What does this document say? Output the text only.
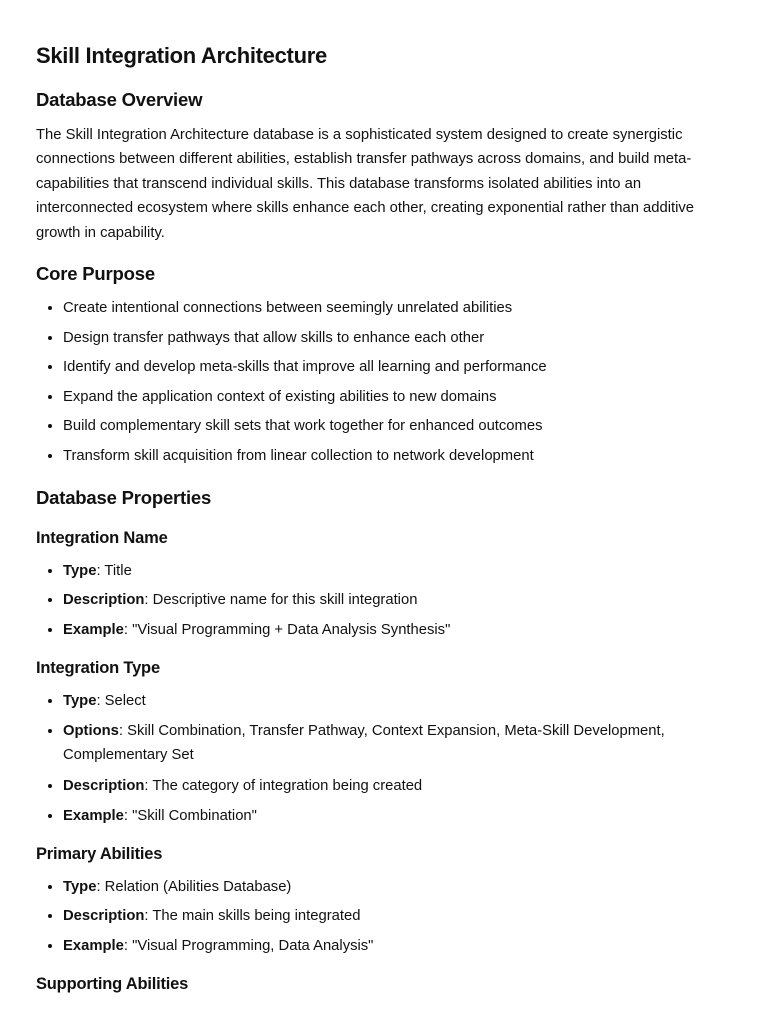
Skill Integration Architecture
Database Overview

The Skill Integration Architecture database is a sophisticated system designed to create synergistic connections between different abilities, establish transfer pathways across domains, and build meta-capabilities that transcend individual skills. This database transforms isolated abilities into an interconnected ecosystem where skills enhance each other, creating exponential rather than additive growth in capability.

Core Purpose
• Create intentional connections between seemingly unrelated abilities
• Design transfer pathways that allow skills to enhance each other
• Identify and develop meta-skills that improve all learning and performance
• Expand the application context of existing abilities to new domains
• Build complementary skill sets that work together for enhanced outcomes
• Transform skill acquisition from linear collection to network development
Database Properties
Integration Name
• Type: Title
• Description: Descriptive name for this skill integration
• Example: "Visual Programming + Data Analysis Synthesis"
Integration Type
• Type: Select
• Options: Skill Combination, Transfer Pathway, Context Expansion, Meta-Skill Development, Complementary Set
• Description: The category of integration being created
• Example: "Skill Combination"
Primary Abilities
• Type: Relation (Abilities Database)
• Description: The main skills being integrated
• Example: "Visual Programming, Data Analysis"
Supporting Abilities
